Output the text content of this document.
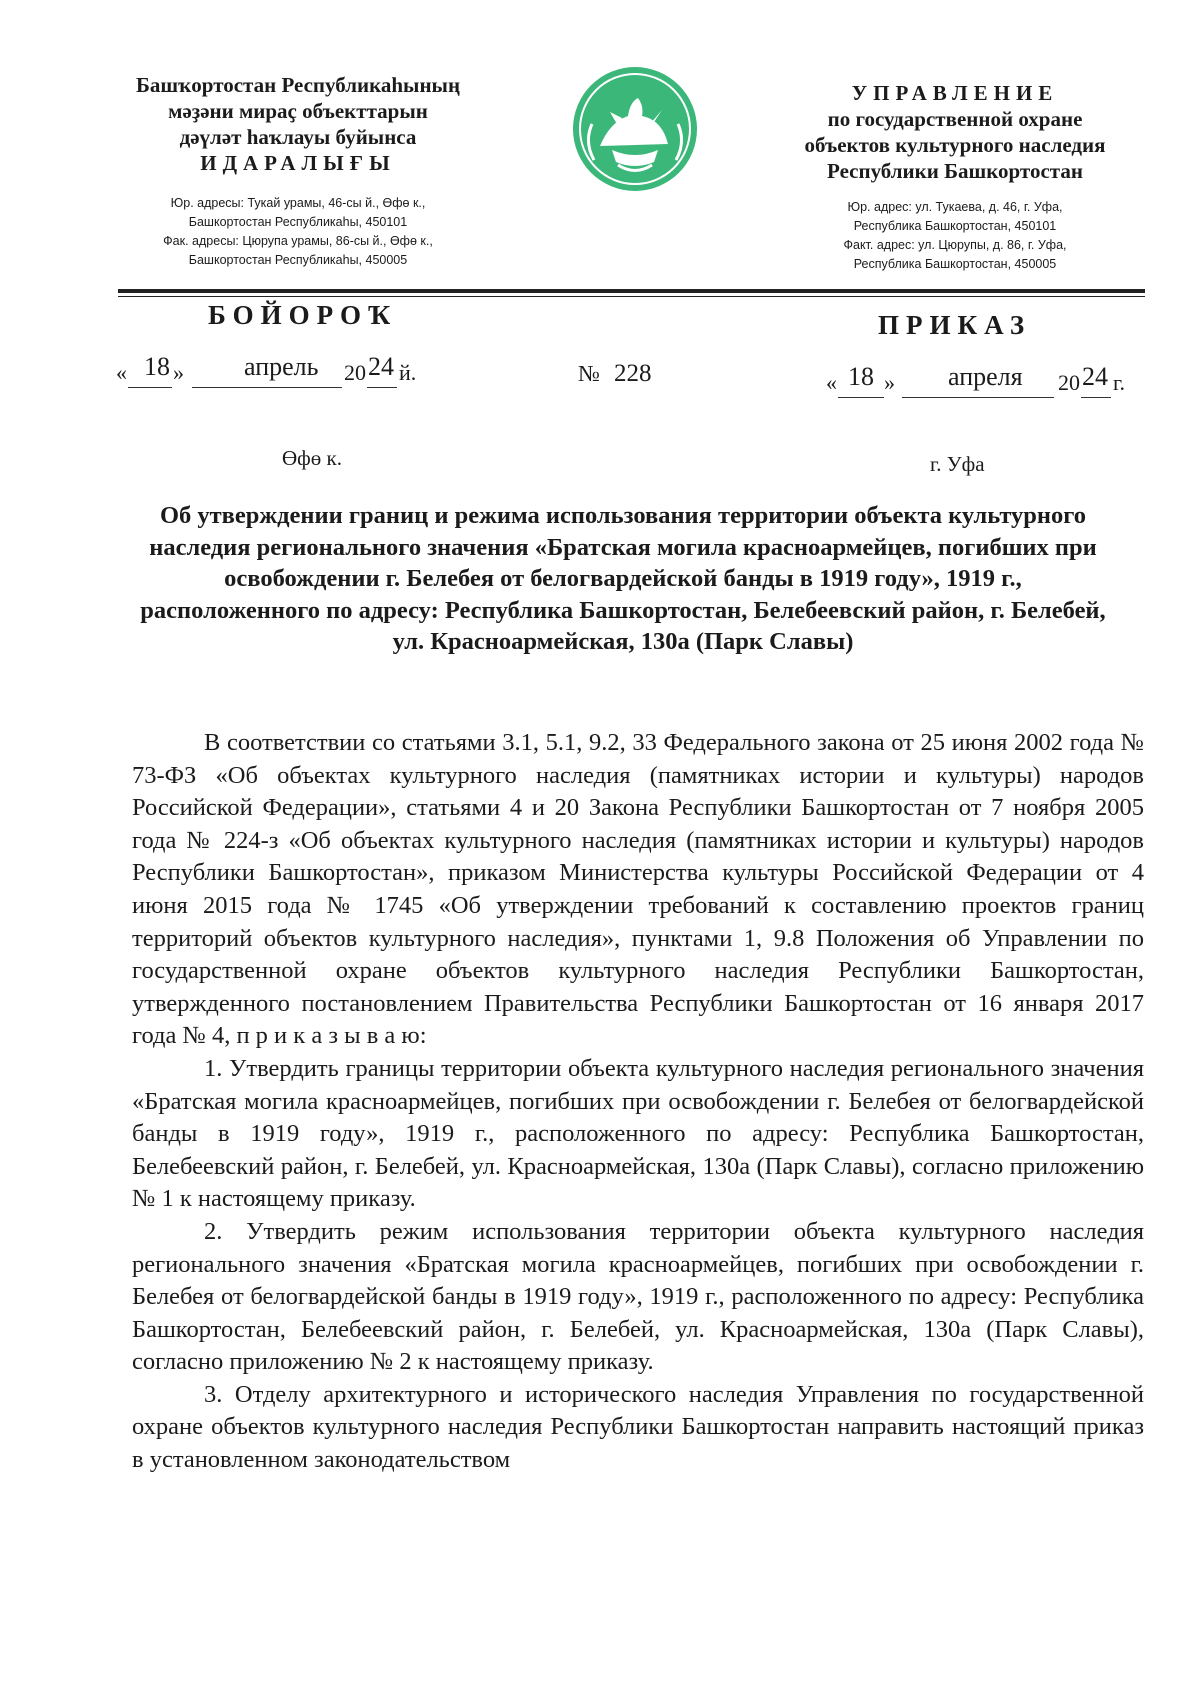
Башҡортостан Республикаһының
мәҙәни мираҫ объекттарын
дәүләт һаҡлауы буйынса
ИДАРАЛЫҒЫ
Юр. адресы: Тукай урамы, 46-сы й., Өфө к.,
Башкортостан Республикаһы, 450101
Фак. адресы: Цюрупа урамы, 86-сы й., Өфө к.,
Башкортостан Республикаһы, 450005
УПРАВЛЕНИЕ
по государственной охране
объектов культурного наследия
Республики Башкортостан
Юр. адрес: ул. Тукаева, д. 46, г. Уфа,
Республика Башкортостан, 450101
Факт. адрес: ул. Цюрупы, д. 86, г. Уфа,
Республика Башкортостан, 450005
БОЙОРОҠ	ПРИКАЗ
« 18 » апрель 20 24 й.	№ 228	« 18 » апреля 20 24 г.
Өфө к.	г. Уфа
Об утверждении границ и режима использования территории объекта культурного наследия регионального значения «Братская могила красноармейцев, погибших при освобождении г. Белебея от белогвардейской банды в 1919 году», 1919 г., расположенного по адресу: Республика Башкортостан, Белебеевский район, г. Белебей, ул. Красноармейская, 130а (Парк Славы)

В соответствии со статьями 3.1, 5.1, 9.2, 33 Федерального закона от 25 июня 2002 года № 73-ФЗ «Об объектах культурного наследия (памятниках истории и культуры) народов Российской Федерации», статьями 4 и 20 Закона Республики Башкортостан от 7 ноября 2005 года № 224-з «Об объектах культурного наследия (памятниках истории и культуры) народов Республики Башкортостан», приказом Министерства культуры Российской Федерации от 4 июня 2015 года № 1745 «Об утверждении требований к составлению проектов границ территорий объектов культурного наследия», пунктами 1, 9.8 Положения об Управлении по государственной охране объектов культурного наследия Республики Башкортостан, утвержденного постановлением Правительства Республики Башкортостан от 16 января 2017 года № 4, п р и к а з ы в а ю:

1. Утвердить границы территории объекта культурного наследия регионального значения «Братская могила красноармейцев, погибших при освобождении г. Белебея от белогвардейской банды в 1919 году», 1919 г., расположенного по адресу: Республика Башкортостан, Белебеевский район, г. Белебей, ул. Красноармейская, 130а (Парк Славы), согласно приложению № 1 к настоящему приказу.

2. Утвердить режим использования территории объекта культурного наследия регионального значения «Братская могила красноармейцев, погибших при освобождении г. Белебея от белогвардейской банды в 1919 году», 1919 г., расположенного по адресу: Республика Башкортостан, Белебеевский район, г. Белебей, ул. Красноармейская, 130а (Парк Славы), согласно приложению № 2 к настоящему приказу.

3. Отделу архитектурного и исторического наследия Управления по государственной охране объектов культурного наследия Республики Башкортостан направить настоящий приказ в установленном законодательством
